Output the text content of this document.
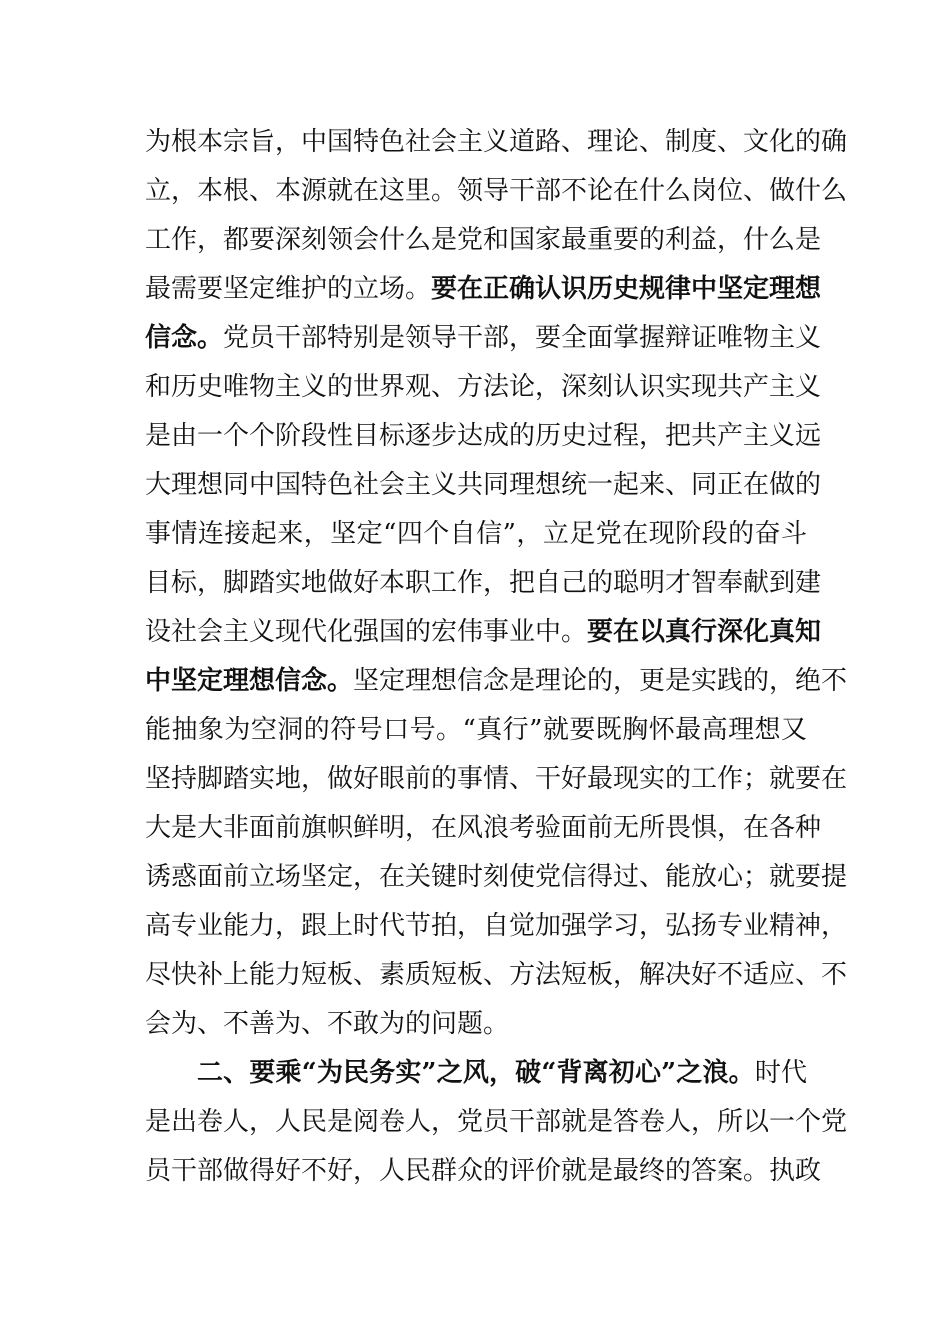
为根本宗旨，中国特色社会主义道路、理论、制度、文化的确
立，本根、本源就在这里。领导干部不论在什么岗位、做什么
工作，都要深刻领会什么是党和国家最重要的利益，什么是
最需要坚定维护的立场。要在正确认识历史规律中坚定理想
信念。党员干部特别是领导干部，要全面掌握辩证唯物主义
和历史唯物主义的世界观、方法论，深刻认识实现共产主义
是由一个个阶段性目标逐步达成的历史过程，把共产主义远
大理想同中国特色社会主义共同理想统一起来、同正在做的
事情连接起来，坚定“四个自信”，立足党在现阶段的奋斗
目标，脚踏实地做好本职工作，把自己的聪明才智奉献到建
设社会主义现代化强国的宏伟事业中。要在以真行深化真知
中坚定理想信念。坚定理想信念是理论的，更是实践的，绝不
能抽象为空洞的符号口号。“真行”就要既胸怀最高理想又
坚持脚踏实地，做好眼前的事情、干好最现实的工作；就要在
大是大非面前旗帜鲜明，在风浪考验面前无所畏惧，在各种
诱惑面前立场坚定，在关键时刻使党信得过、能放心；就要提
高专业能力，跟上时代节拍，自觉加强学习，弘扬专业精神，
尽快补上能力短板、素质短板、方法短板，解决好不适应、不
会为、不善为、不敢为的问题。
二、要乘“为民务实”之风，破“背离初心”之浪。时代
是出卷人，人民是阅卷人，党员干部就是答卷人，所以一个党
员干部做得好不好，人民群众的评价就是最终的答案。执政
